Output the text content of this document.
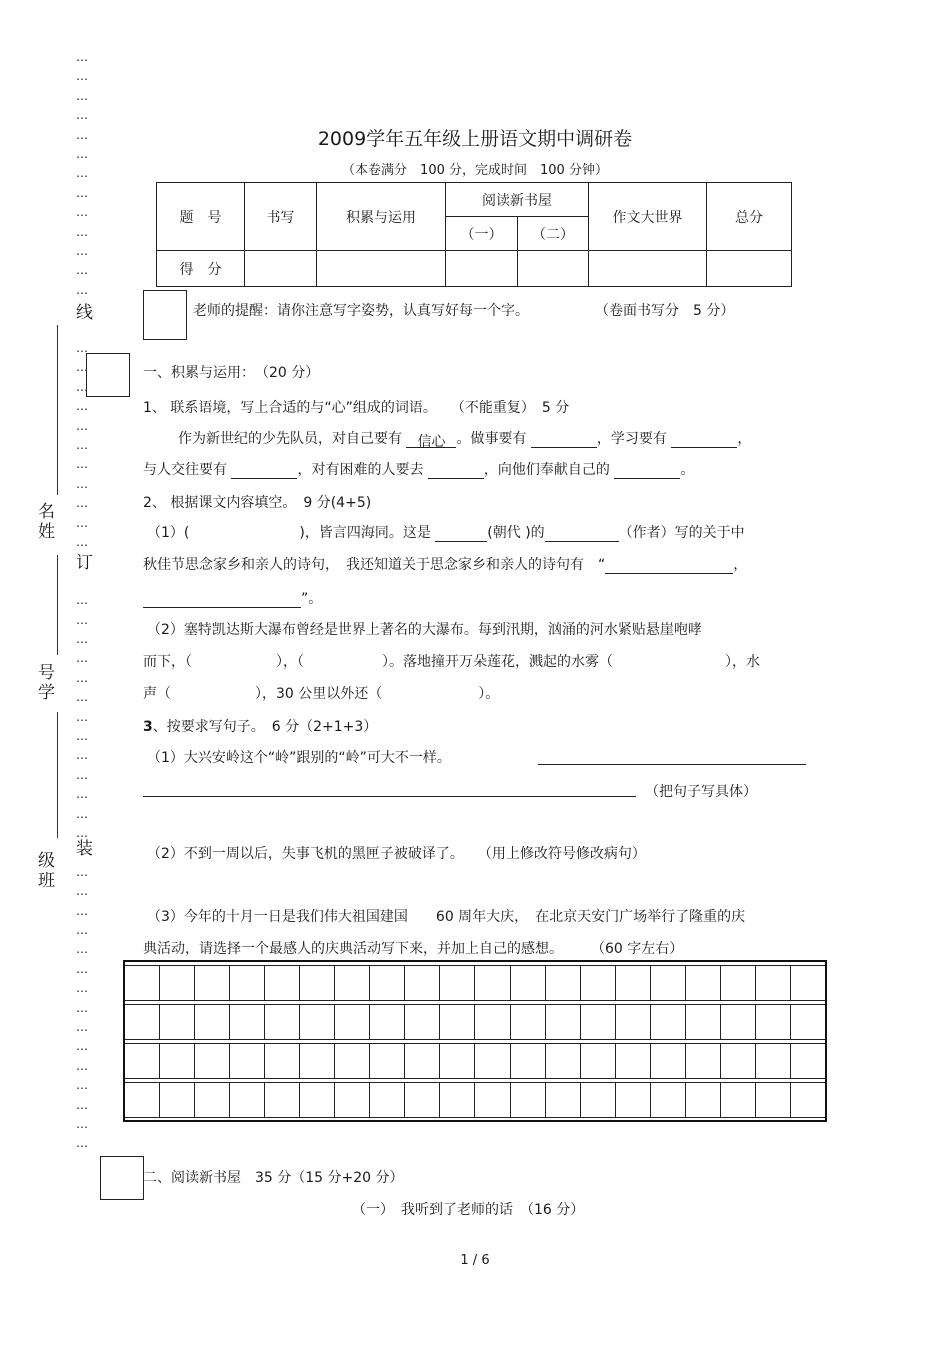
…
…
…
…
…
…
…
…
…
…
…
…
…
…
…
…
…
…
…
…
…
…
…
…
…
…
…
…
…
…
…
…
…
…
…
…
…
…
…
…
…
…
…
…
…
…
…
…
…
…
…
…
线
订
装
名
姓
号
学
级
班
2009学年五年级上册语文期中调研卷
（本卷满分　100 分，完成时间　100 分钟）
题　号	书写	积累与运用	阅读新书屋		作文大世界	总分
			（一）	（二）		
得　分						
老师的提醒：请你注意写字姿势，认真写好每一个字。	（卷面书写分　5 分）
一、积累与运用：　（20 分）
1、 联系语境，写上合适的与“心”组成的词语。　　（不能重复）　5 分
作为新世纪的少先队员，对自己要有 信心 。做事要有	，学习要有	，
与人交往要有	，对有困难的人要去	，向他们奉献自己的	。
2、 根据课文内容填空。　9 分(4+5)
（1）(	)，皆言四海同。这是	(朝代 )的	（作者）写的关于中
秋佳节思念家乡和亲人的诗句，　我还知道关于思念家乡和亲人的诗句有　“	，
”。
（2）塞特凯达斯大瀑布曾经是世界上著名的大瀑布。每到汛期，汹涌的河水紧贴悬崖咆哮
而下，（	），（	）。落地撞开万朵莲花，溅起的水雾（	），水
声（	），30 公里以外还（	）。
3、按要求写句子。　6 分（2+1+3）
（1）大兴安岭这个“岭”跟别的“岭”可大不一样。
（把句子写具体）
（2）不到一周以后，失事飞机的黑匣子被破译了。　　（用上修改符号修改病句）
（3）今年的十月一日是我们伟大祖国建国　　60 周年大庆，　在北京天安门广场举行了隆重的庆
典活动，请选择一个最感人的庆典活动写下来，并加上自己的感想。　　　（60 字左右）
二、阅读新书屋　35 分（15 分+20 分）
（一）　我听到了老师的话　（16 分）
1 / 6
